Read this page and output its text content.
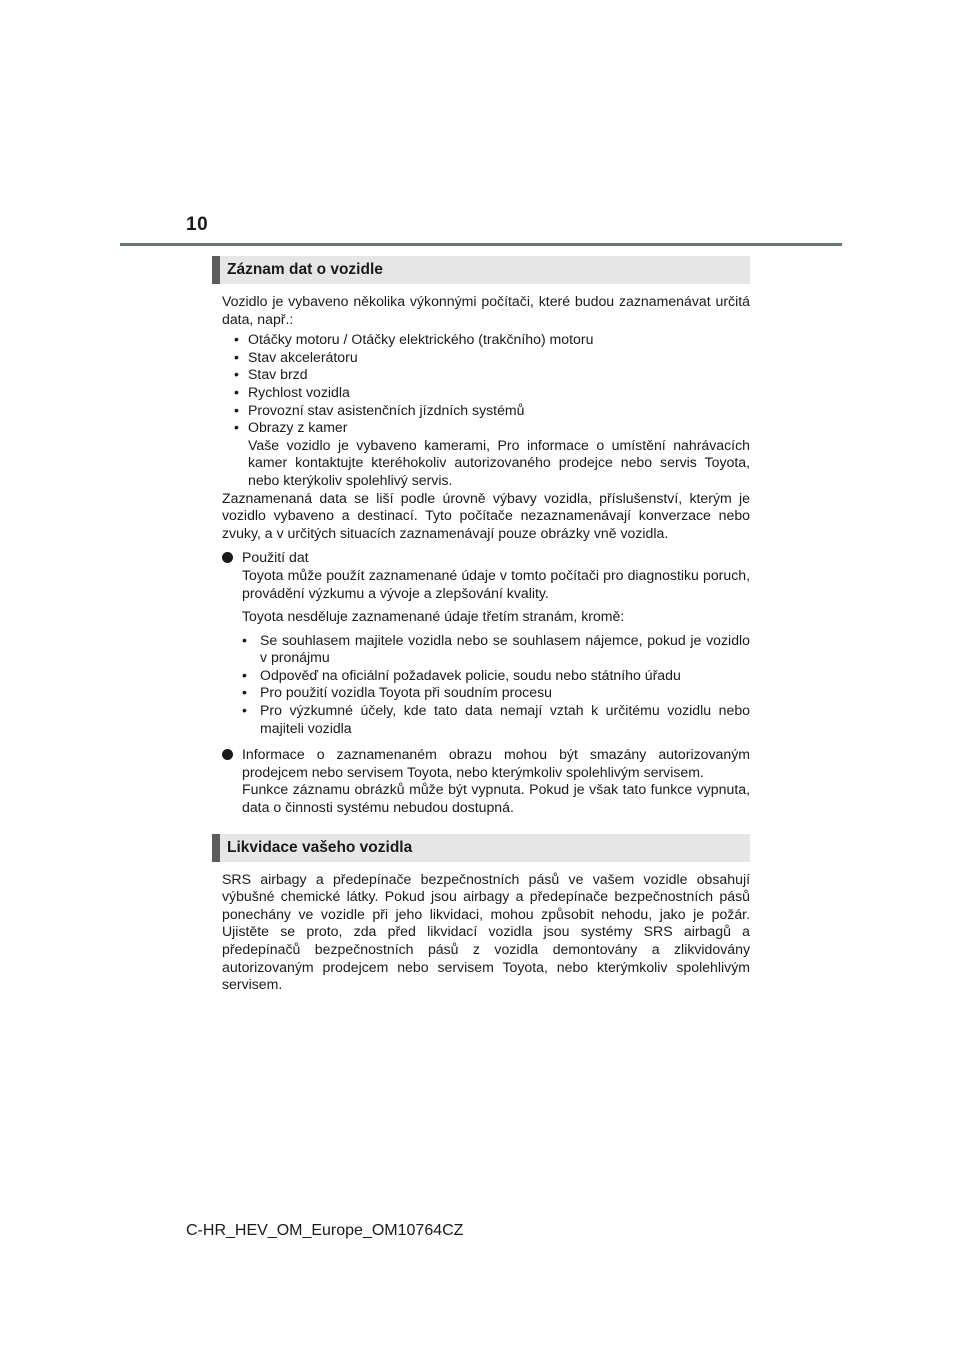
10
Záznam dat o vozidle

Vozidlo je vybaveno několika výkonnými počítači, které budou zaznamenávat určitá data, např.:

• Otáčky motoru / Otáčky elektrického (trakčního) motoru
• Stav akcelerátoru
• Stav brzd
• Rychlost vozidla
• Provozní stav asistenčních jízdních systémů
• Obrazy z kamer
Vaše vozidlo je vybaveno kamerami, Pro informace o umístění nahrávacích kamer kontaktujte kteréhokoliv autorizovaného prodejce nebo servis Toyota, nebo kterýkoliv spolehlivý servis.

Zaznamenaná data se liší podle úrovně výbavy vozidla, příslušenství, kterým je vozidlo vybaveno a destinací. Tyto počítače nezaznamenávají konverzace nebo zvuky, a v určitých situacích zaznamenávají pouze obrázky vně vozidla.

Použití dat

Toyota může použít zaznamenané údaje v tomto počítači pro diagnostiku poruch, provádění výzkumu a vývoje a zlepšování kvality.

Toyota nesděluje zaznamenané údaje třetím stranám, kromě:

• Se souhlasem majitele vozidla nebo se souhlasem nájemce, pokud je vozidlo v pronájmu
• Odpověď na oficiální požadavek policie, soudu nebo státního úřadu
• Pro použití vozidla Toyota při soudním procesu
• Pro výzkumné účely, kde tato data nemají vztah k určitému vozidlu nebo majiteli vozidla

Informace o zaznamenaném obrazu mohou být smazány autorizovaným prodejcem nebo servisem Toyota, nebo kterýmkoliv spolehlivým servisem.

Funkce záznamu obrázků může být vypnuta. Pokud je však tato funkce vypnuta, data o činnosti systému nebudou dostupná.

Likvidace vašeho vozidla

SRS airbagy a předepínače bezpečnostních pásů ve vašem vozidle obsahují výbušné chemické látky. Pokud jsou airbagy a předepínače bezpečnostních pásů ponechány ve vozidle při jeho likvidaci, mohou způsobit nehodu, jako je požár. Ujistěte se proto, zda před likvidací vozidla jsou systémy SRS airbagů a předepínačů bezpečnostních pásů z vozidla demontovány a zlikvidovány autorizovaným prodejcem nebo servisem Toyota, nebo kterýmkoliv spolehlivým servisem.

C-HR_HEV_OM_Europe_OM10764CZ
